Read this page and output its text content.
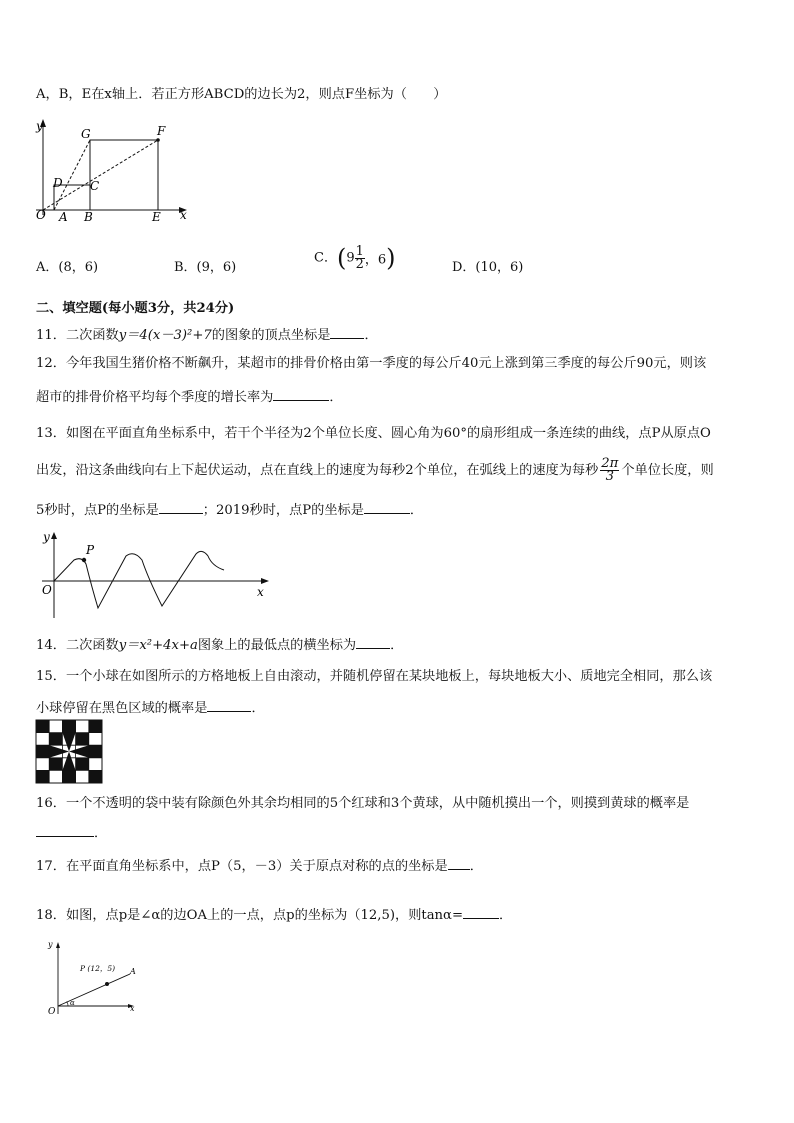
A，B，E在x轴上．若正方形ABCD的边长为2，则点F坐标为（　　）
y
x
O A B	E
D C
G	F
A．(8，6)	B．(9，6)
C．($9 \frac{1}{2}$ ，6)	D．(10，6)
二、填空题(每小题3分，共24分)
11．二次函数y＝4(x－3)²+7的图象的顶点坐标是	．
12．今年我国生猪价格不断飙升，某超市的排骨价格由第一季度的每公斤40元上涨到第三季度的每公斤90元，则该
超市的排骨价格平均每个季度的增长率为	．
13．如图在平面直角坐标系中，若干个半径为2个单位长度、圆心角为60°的扇形组成一条连续的曲线，点P从原点O
出发，沿这条曲线向右上下起伏运动，点在直线上的速度为每秒2个单位，在弧线上的速度为每秒 $\frac{2\pi}{3}$ 个单位长度，则
5秒时，点P的坐标是	；2019秒时，点P的坐标是	．
y
x
O
P
14．二次函数y＝x²+4x+a图象上的最低点的横坐标为	．
15．一个小球在如图所示的方格地板上自由滚动，并随机停留在某块地板上，每块地板大小、质地完全相同，那么该
小球停留在黑色区域的概率是	．
16．一个不透明的袋中装有除颜色外其余均相同的5个红球和3个黄球，从中随机摸出一个，则摸到黄球的概率是
．
17．在平面直角坐标系中，点P（5，－3）关于原点对称的点的坐标是 ．
18．如图，点p是∠α的边OA上的一点，点p的坐标为（12,5)，则tanα=	．
y
x
O
A
α
P (12，5)
